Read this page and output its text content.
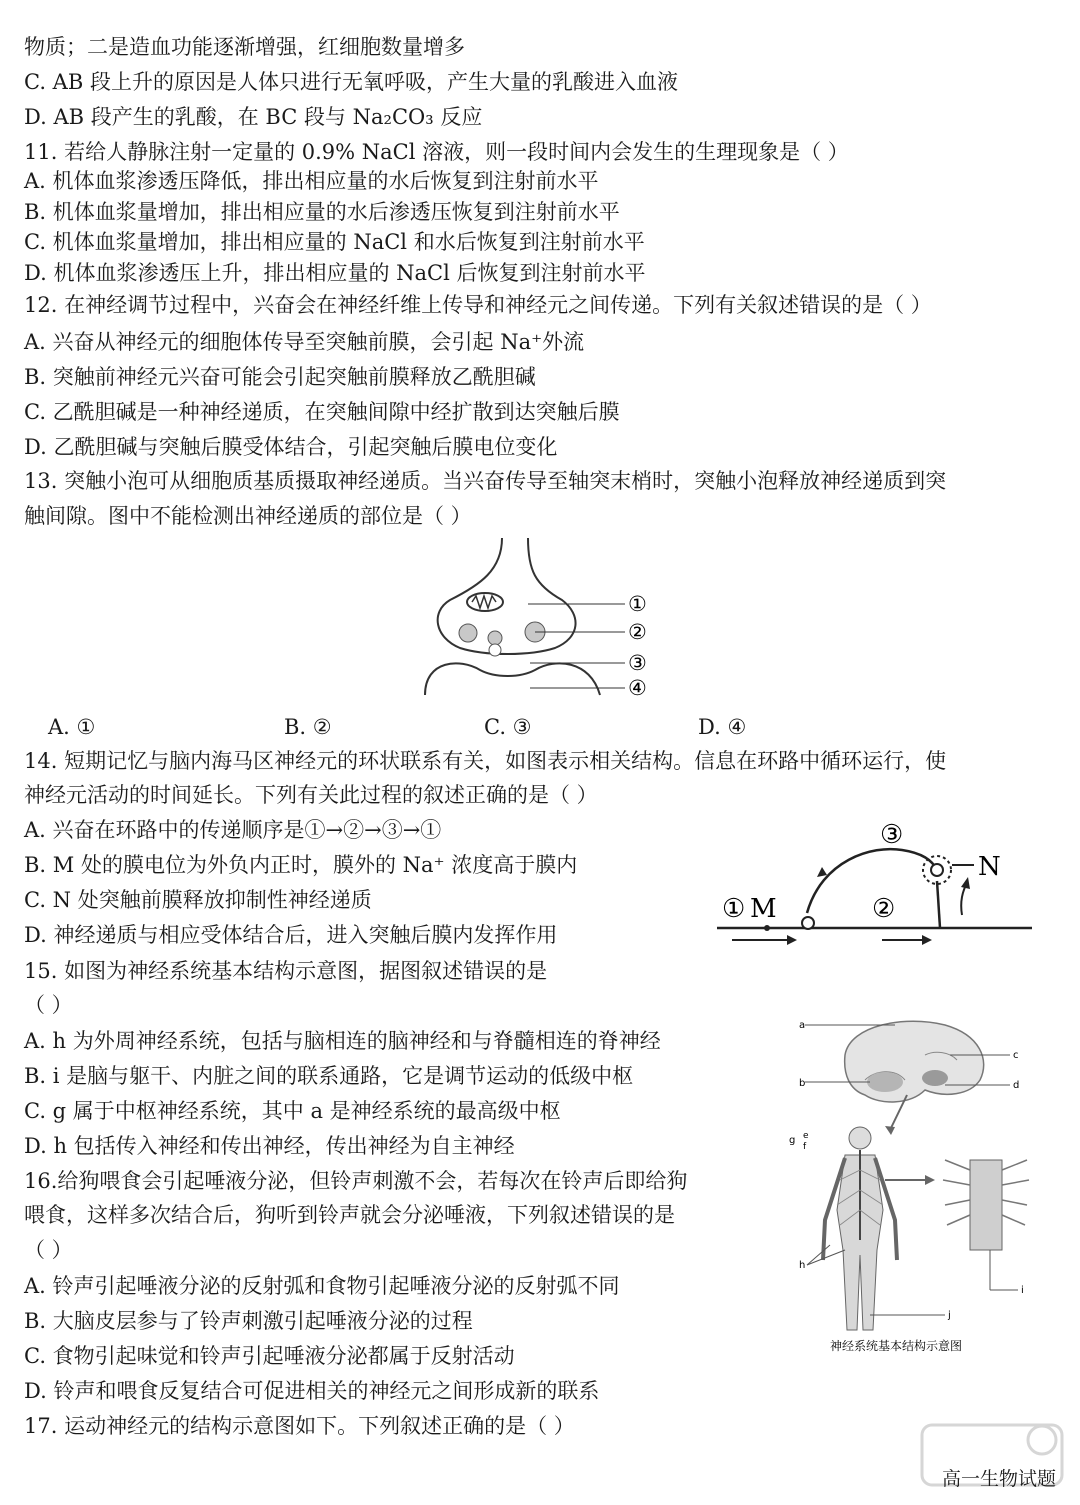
物质；二是造血功能逐渐增强，红细胞数量增多
C. AB 段上升的原因是人体只进行无氧呼吸，产生大量的乳酸进入血液
D. AB 段产生的乳酸，在 BC 段与 Na₂CO₃ 反应
11. 若给人静脉注射一定量的 0.9% NaCl 溶液，则一段时间内会发生的生理现象是（ ）
A. 机体血浆渗透压降低，排出相应量的水后恢复到注射前水平
B. 机体血浆量增加，排出相应量的水后渗透压恢复到注射前水平
C. 机体血浆量增加，排出相应量的 NaCl 和水后恢复到注射前水平
D. 机体血浆渗透压上升，排出相应量的 NaCl 后恢复到注射前水平
12. 在神经调节过程中，兴奋会在神经纤维上传导和神经元之间传递。下列有关叙述错误的是（ ）
A. 兴奋从神经元的细胞体传导至突触前膜，会引起 Na⁺外流
B. 突触前神经元兴奋可能会引起突触前膜释放乙酰胆碱
C. 乙酰胆碱是一种神经递质，在突触间隙中经扩散到达突触后膜
D. 乙酰胆碱与突触后膜受体结合，引起突触后膜电位变化
13. 突触小泡可从细胞质基质摄取神经递质。当兴奋传导至轴突末梢时，突触小泡释放神经递质到突
触间隙。图中不能检测出神经递质的部位是（ ）
①
②
③
④
A. ①	B. ②	C. ③	D. ④
14. 短期记忆与脑内海马区神经元的环状联系有关，如图表示相关结构。信息在环路中循环运行，使
神经元活动的时间延长。下列有关此过程的叙述正确的是（ ）
A. 兴奋在环路中的传递顺序是①→②→③→①
B. M 处的膜电位为外负内正时，膜外的 Na⁺ 浓度高于膜内
C. N 处突触前膜释放抑制性神经递质
D. 神经递质与相应受体结合后，进入突触后膜内发挥作用
① M	②
③
N
15. 如图为神经系统基本结构示意图，据图叙述错误的是
（ ）
A. h 为外周神经系统，包括与脑相连的脑神经和与脊髓相连的脊神经
B. i 是脑与躯干、内脏之间的联系通路，它是调节运动的低级中枢
C. g 属于中枢神经系统，其中 a 是神经系统的最高级中枢
D. h 包括传入神经和传出神经，传出神经为自主神经
16.给狗喂食会引起唾液分泌，但铃声刺激不会，若每次在铃声后即给狗
喂食，这样多次结合后，狗听到铃声就会分泌唾液，下列叙述错误的是
（ ）
A. 铃声引起唾液分泌的反射弧和食物引起唾液分泌的反射弧不同
B. 大脑皮层参与了铃声刺激引起唾液分泌的过程
C. 食物引起味觉和铃声引起唾液分泌都属于反射活动
D. 铃声和喂食反复结合可促进相关的神经元之间形成新的联系
17. 运动神经元的结构示意图如下。下列叙述正确的是（ ）
a
b
c
d
g e
f
h
i
j
神经系统基本结构示意图
高一生物试题
